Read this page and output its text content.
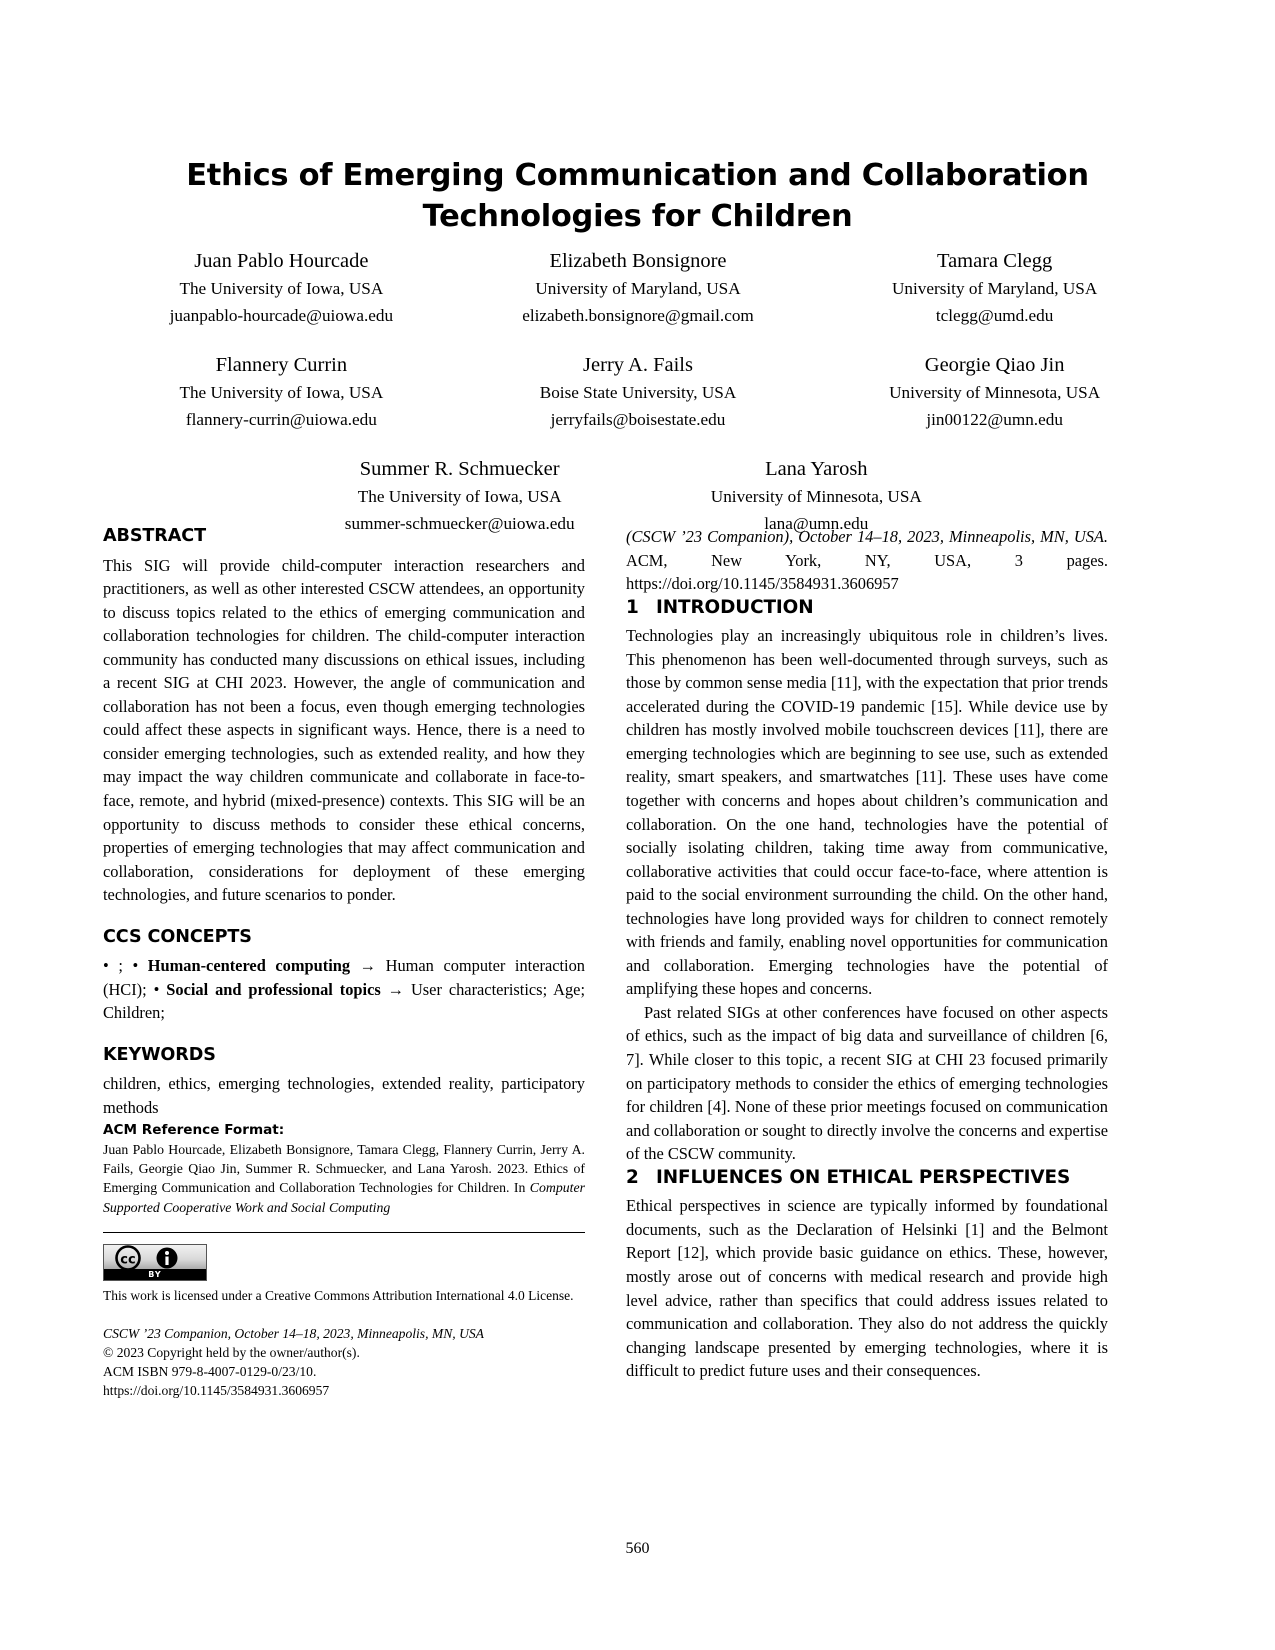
Ethics of Emerging Communication and Collaboration Technologies for Children
Juan Pablo Hourcade
The University of Iowa, USA
juanpablo-hourcade@uiowa.edu
Elizabeth Bonsignore
University of Maryland, USA
elizabeth.bonsignore@gmail.com
Tamara Clegg
University of Maryland, USA
tclegg@umd.edu
Flannery Currin
The University of Iowa, USA
flannery-currin@uiowa.edu
Jerry A. Fails
Boise State University, USA
jerryfails@boisestate.edu
Georgie Qiao Jin
University of Minnesota, USA
jin00122@umn.edu
Summer R. Schmuecker
The University of Iowa, USA
summer-schmuecker@uiowa.edu
Lana Yarosh
University of Minnesota, USA
lana@umn.edu
ABSTRACT

This SIG will provide child-computer interaction researchers and practitioners, as well as other interested CSCW attendees, an opportunity to discuss topics related to the ethics of emerging communication and collaboration technologies for children. The child-computer interaction community has conducted many discussions on ethical issues, including a recent SIG at CHI 2023. However, the angle of communication and collaboration has not been a focus, even though emerging technologies could affect these aspects in significant ways. Hence, there is a need to consider emerging technologies, such as extended reality, and how they may impact the way children communicate and collaborate in face-to-face, remote, and hybrid (mixed-presence) contexts. This SIG will be an opportunity to discuss methods to consider these ethical concerns, properties of emerging technologies that may affect communication and collaboration, considerations for deployment of these emerging technologies, and future scenarios to ponder.

CCS CONCEPTS

• ; • Human-centered computing → Human computer interaction (HCI); • Social and professional topics → User characteristics; Age; Children;

KEYWORDS

children, ethics, emerging technologies, extended reality, participatory methods

ACM Reference Format:

Juan Pablo Hourcade, Elizabeth Bonsignore, Tamara Clegg, Flannery Currin, Jerry A. Fails, Georgie Qiao Jin, Summer R. Schmuecker, and Lana Yarosh. 2023. Ethics of Emerging Communication and Collaboration Technologies for Children. In Computer Supported Cooperative Work and Social Computing

cc
BY

This work is licensed under a Creative Commons Attribution International 4.0 License.

CSCW ’23 Companion, October 14–18, 2023, Minneapolis, MN, USA
© 2023 Copyright held by the owner/author(s).
ACM ISBN 979-8-4007-0129-0/23/10.
https://doi.org/10.1145/3584931.3606957

(CSCW ’23 Companion), October 14–18, 2023, Minneapolis, MN, USA. ACM, New York, NY, USA, 3 pages. https://doi.org/10.1145/3584931.3606957

1 INTRODUCTION

Technologies play an increasingly ubiquitous role in children’s lives. This phenomenon has been well-documented through surveys, such as those by common sense media [11], with the expectation that prior trends accelerated during the COVID-19 pandemic [15]. While device use by children has mostly involved mobile touchscreen devices [11], there are emerging technologies which are beginning to see use, such as extended reality, smart speakers, and smartwatches [11]. These uses have come together with concerns and hopes about children’s communication and collaboration. On the one hand, technologies have the potential of socially isolating children, taking time away from communicative, collaborative activities that could occur face-to-face, where attention is paid to the social environment surrounding the child. On the other hand, technologies have long provided ways for children to connect remotely with friends and family, enabling novel opportunities for communication and collaboration. Emerging technologies have the potential of amplifying these hopes and concerns.

Past related SIGs at other conferences have focused on other aspects of ethics, such as the impact of big data and surveillance of children [6, 7]. While closer to this topic, a recent SIG at CHI 23 focused primarily on participatory methods to consider the ethics of emerging technologies for children [4]. None of these prior meetings focused on communication and collaboration or sought to directly involve the concerns and expertise of the CSCW community.

2 INFLUENCES ON ETHICAL PERSPECTIVES

Ethical perspectives in science are typically informed by foundational documents, such as the Declaration of Helsinki [1] and the Belmont Report [12], which provide basic guidance on ethics. These, however, mostly arose out of concerns with medical research and provide high level advice, rather than specifics that could address issues related to communication and collaboration. They also do not address the quickly changing landscape presented by emerging technologies, where it is difficult to predict future uses and their consequences.

560
